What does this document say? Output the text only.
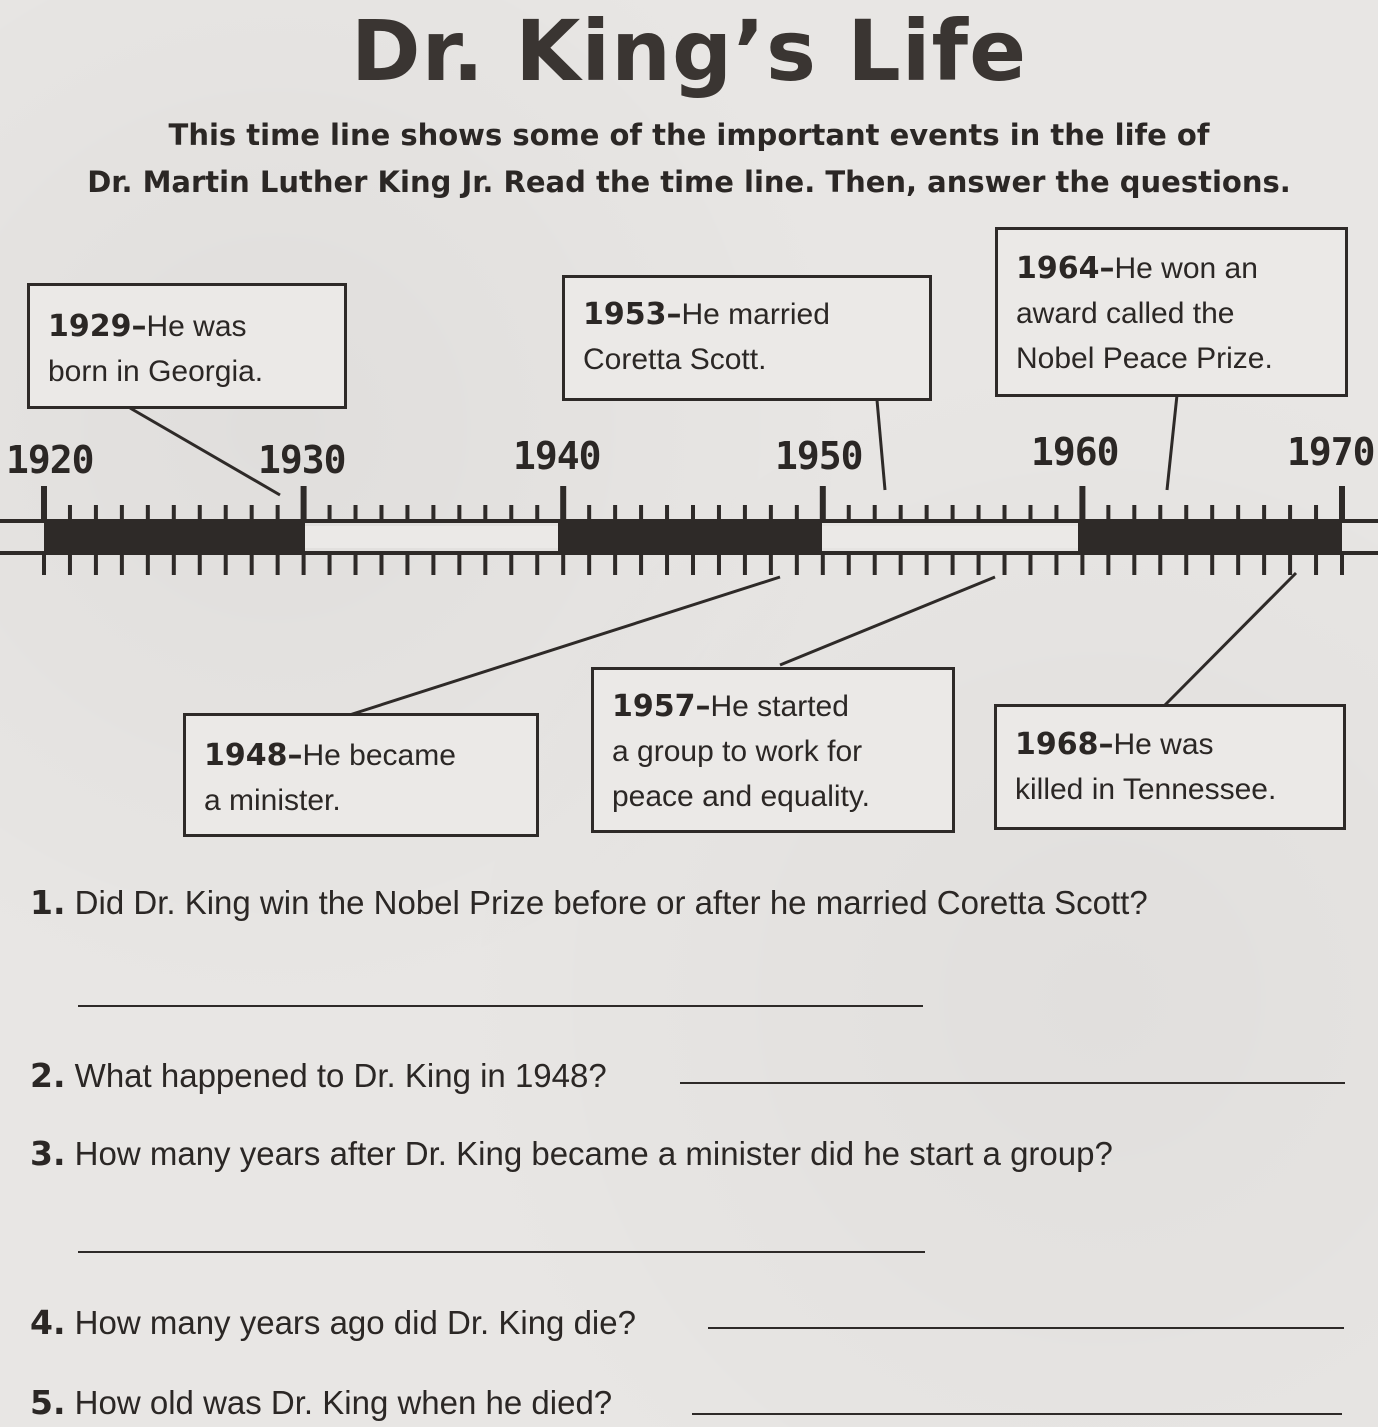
Dr. King’s Life
This time line shows some of the important events in the life of
Dr. Martin Luther King Jr. Read the time line. Then, answer the questions.
1920	1930	1940	1950	1960	1970
1929–He was
born in Georgia.
1953–He married
Coretta Scott.
1964–He won an
award called the
Nobel Peace Prize.
1948–He became
a minister.
1957–He started
a group to work for
peace and equality.
1968–He was
killed in Tennessee.
1. Did Dr. King win the Nobel Prize before or after he married Coretta Scott?
2. What happened to Dr. King in 1948?
3. How many years after Dr. King became a minister did he start a group?
4. How many years ago did Dr. King die?
5. How old was Dr. King when he died?
